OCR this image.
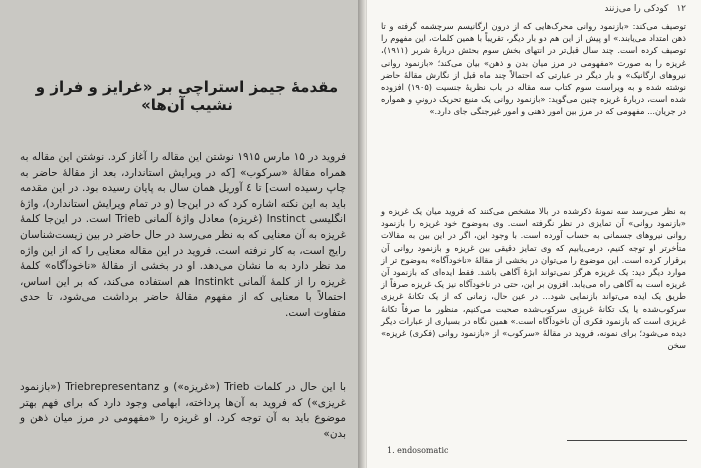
مقدمهٔ جیمز استراچی بر «غرایز و فراز و نشیب آن‌ها»

فروید در ۱۵ مارس ۱۹۱۵ نوشتن این مقاله را آغاز کرد. نوشتن این مقاله به همراه مقالهٔ «سرکوب» [که در ویرایش استاندارد، بعد از مقالهٔ حاضر به چاپ رسیده است] تا ٤ آوریل همان سال به پایان رسیده بود. در این مقدمه باید به این نکته اشاره کرد که در این‌جا (و در تمام ویرایش استاندارد)، واژهٔ انگلیسی Instinct (غریزه) معادل واژهٔ آلمانی Trieb است. در این‌جا کلمهٔ غریزه به آن معنایی که به نظر می‌رسد در حال حاضر در بین زیست‌شناسان رایج است، به کار نرفته است. فروید در این مقاله معنایی را که از این واژه مد نظر دارد به ما نشان می‌دهد. او در بخشی از مقالهٔ «ناخودآگاه» کلمهٔ غریزه را از کلمهٔ آلمانی Instinkt هم استفاده می‌کند، که بر این اساس، احتمالاً با معنایی که از مفهوم مقالهٔ حاضر برداشت می‌شود، تا حدی متفاوت است.

با این حال در کلمات Trieb («غریزه») و Triebrepresentanz («بازنمود غریزی») که فروید به آن‌ها پرداخته، ابهامی وجود دارد که برای فهم بهتر موضوع باید به آن توجه کرد. او غریزه را «مفهومی در مرز میان ذهن و بدن»

۱۲
کودکی را می‌زنند

توصیف می‌کند: «بازنمود روانی محرک‌هایی که از درون ارگانیسم سرچشمه گرفته و تا ذهن امتداد می‌یابند.» او پیش از این هم دو بار دیگر، تقریباً با همین کلمات، این مفهوم را توصیف کرده است. چند سال قبل‌تر در انتهای بخش سوم بحثش دربارهٔ شربر (۱۹۱۱)، غریزه را به صورت «مفهومی در مرز میان بدن و ذهن» بیان می‌کند؛ «بازنمود روانی نیروهای ارگانیک» و بار دیگر در عبارتی که احتمالاً چند ماه قبل از نگارش مقالهٔ حاضر نوشته شده و به ویراست سوم کتاب سه مقاله در باب نظریهٔ جنسیت (۱۹۰۵) افزوده شده است، دربارهٔ غریزه چنین می‌گوید: «بازنمود روانی یک منبع تحریک درونی‌ِ و همواره در جریان... مفهومی که در مرز بین امور ذهنی و امور غیرجنگی جای دارد.»

به نظر می‌رسد سه نمونهٔ ذکرشده در بالا مشخص می‌کنند که فروید میان یک غریزه و «بازنمود روانی» آن تمایزی در نظر نگرفته است. وی به‌وضوح خود غریزه را بازنمود روانی نیروهای جسمانی به حساب آورده است. با وجود این، اگر در این بین به مقالات متأخرتر او توجه کنیم، درمی‌یابیم که وی تمایز دقیقی بین غریزه و بازنمود روانی آن برقرار کرده است. این موضوع را می‌توان در بخشی از مقالهٔ «ناخودآگاه» به‌وضوح تر از موارد دیگر دید: یک غریزه هرگز نمی‌تواند ابژهٔ آگاهی باشد. فقط ایده‌ای که بازنمود آن غریزه است به آگاهی راه می‌یابد. افزون بر این، حتی در ناخودآگاه نیز یک غریزه صرفاً از طریق یک ایده می‌تواند بازنمایی شود... در عین حال، زمانی که از یک تکانهٔ غریزی سرکوب‌شده یا یک تکانهٔ غریزی سرکوب‌شده صحبت می‌کنیم، منظور ما صرفاً تکانهٔ غریزی است که بازنمود فکری آن ناخودآگاه است.» همین نگاه در بسیاری از عبارات دیگر دیده می‌شود؛ برای نمونه، فروید در مقالهٔ «سرکوب» از «بازنمود روانی (فکری) غریزه» سخن

1. endosomatic
